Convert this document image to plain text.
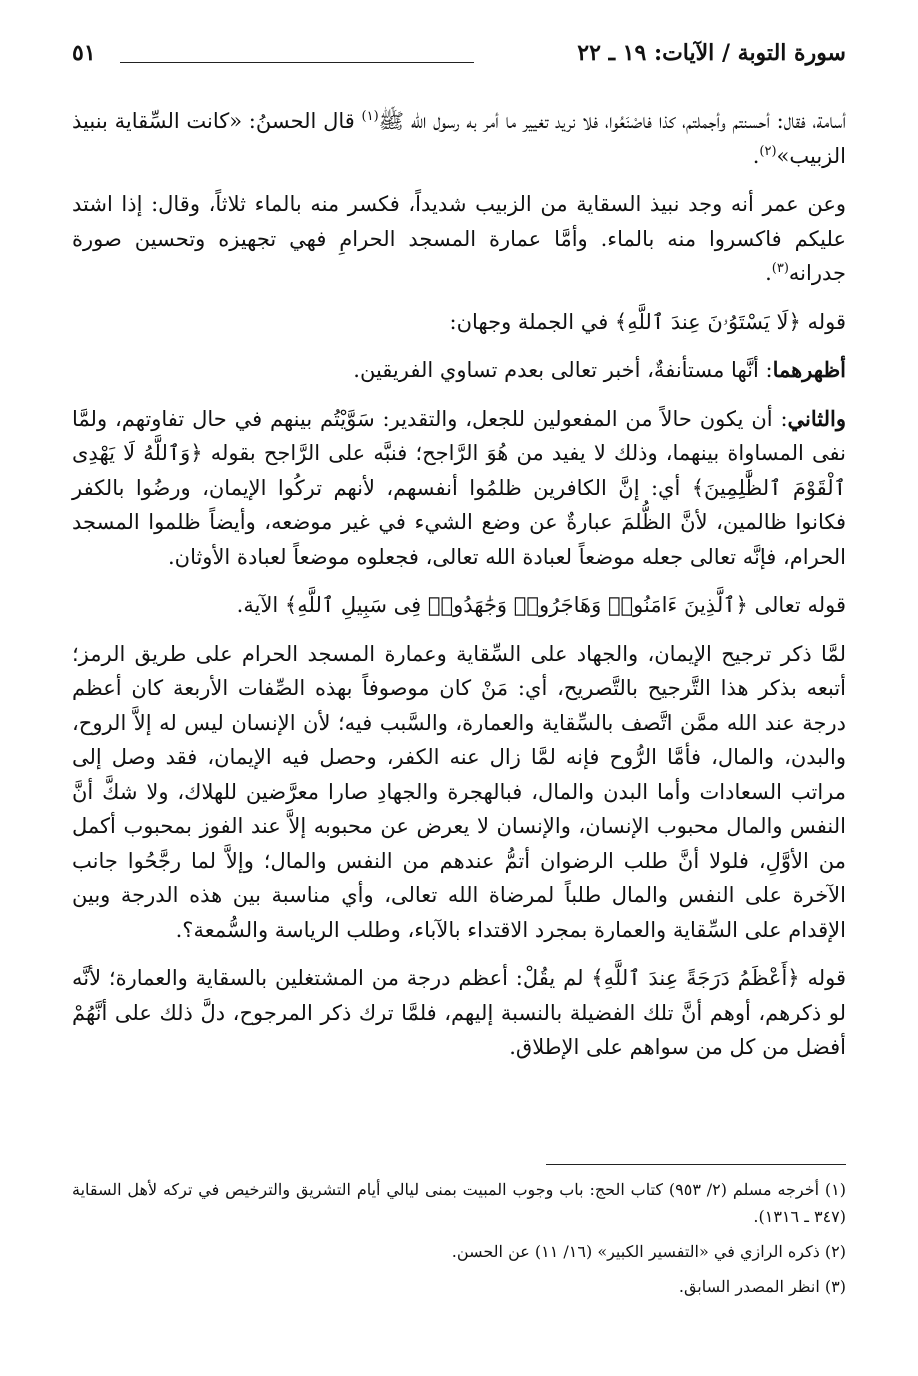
سورة التوبة / الآيات: ١٩ ـ ٢٢
٥١

أسامة، فقال: أحسنتم وأجملتم، كذا فاصْنَعُوا، فلا نريد تغيير ما أمر به رسول الله ﷺ$^{(١)}$ قال الحسنُ: «كانت السِّقاية بنبيذ الزبيب»$^{(٢)}$.

وعن عمر أنه وجد نبيذ السقاية من الزبيب شديداً، فكسر منه بالماء ثلاثاً، وقال: إذا اشتد عليكم فاكسروا منه بالماء. وأمَّا عمارة المسجد الحرامِ فهي تجهيزه وتحسين صورة جدرانه$^{(٣)}$.

قوله ﴿لَا يَسْتَوُۥنَ عِندَ ٱللَّهِ﴾ في الجملة وجهان:

أظهرهما: أنَّها مستأنفةٌ، أخبر تعالى بعدم تساوي الفريقين.

والثاني: أن يكون حالاً من المفعولين للجعل، والتقدير: سَوَّيْتُم بينهم في حال تفاوتهم، ولمَّا نفى المساواة بينهما، وذلك لا يفيد من هُوَ الرَّاجح؛ فنبَّه على الرَّاجح بقوله ﴿وَٱللَّهُ لَا يَهْدِى ٱلْقَوْمَ ٱلظَّٰلِمِينَ﴾ أي: إنَّ الكافرين ظلمُوا أنفسهم، لأنهم تركُوا الإيمان، ورضُوا بالكفر فكانوا ظالمين، لأنَّ الظُّلمَ عبارةٌ عن وضع الشيء في غير موضعه، وأيضاً ظلموا المسجد الحرام، فإنَّه تعالى جعله موضعاً لعبادة الله تعالى، فجعلوه موضعاً لعبادة الأوثان.

قوله تعالى ﴿ٱلَّذِينَ ءَامَنُوا۟ وَهَاجَرُوا۟ وَجَٰهَدُوا۟ فِى سَبِيلِ ٱللَّهِ﴾ الآية.

لمَّا ذكر ترجيح الإيمان، والجهاد على السِّقاية وعمارة المسجد الحرام على طريق الرمز؛ أتبعه بذكر هذا التَّرجيح بالتَّصريح، أي: مَنْ كان موصوفاً بهذه الصِّفات الأربعة كان أعظم درجة عند الله ممَّن اتَّصف بالسِّقاية والعمارة، والسَّبب فيه؛ لأن الإنسان ليس له إلاَّ الروح، والبدن، والمال، فأمَّا الرُّوح فإنه لمَّا زال عنه الكفر، وحصل فيه الإيمان، فقد وصل إلى مراتب السعادات وأما البدن والمال، فبالهجرة والجهادِ صارا معرَّضين للهلاك، ولا شكَّ أنَّ النفس والمال محبوب الإنسان، والإنسان لا يعرض عن محبوبه إلاَّ عند الفوز بمحبوب أكمل من الأوَّلِ، فلولا أنَّ طلب الرضوان أتمُّ عندهم من النفس والمال؛ وإلاَّ لما رجَّحُوا جانب الآخرة على النفس والمال طلباً لمرضاة الله تعالى، وأي مناسبة بين هذه الدرجة وبين الإقدام على السِّقاية والعمارة بمجرد الاقتداء بالآباء، وطلب الرياسة والسُّمعة؟.

قوله ﴿أَعْظَمُ دَرَجَةً عِندَ ٱللَّهِ﴾ لم يقُلْ: أعظم درجة من المشتغلين بالسقاية والعمارة؛ لأنَّه لو ذكرهم، أوهم أنَّ تلك الفضيلة بالنسبة إليهم، فلمَّا ترك ذكر المرجوح، دلَّ ذلك على أنَّهُمْ أفضل من كل من سواهم على الإطلاق.

(١) أخرجه مسلم (٢/ ٩٥٣) كتاب الحج: باب وجوب المبيت بمنى ليالي أيام التشريق والترخيص في تركه لأهل السقاية (٣٤٧ ـ ١٣١٦).

(٢) ذكره الرازي في «التفسير الكبير» (١٦/ ١١) عن الحسن.

(٣) انظر المصدر السابق.
